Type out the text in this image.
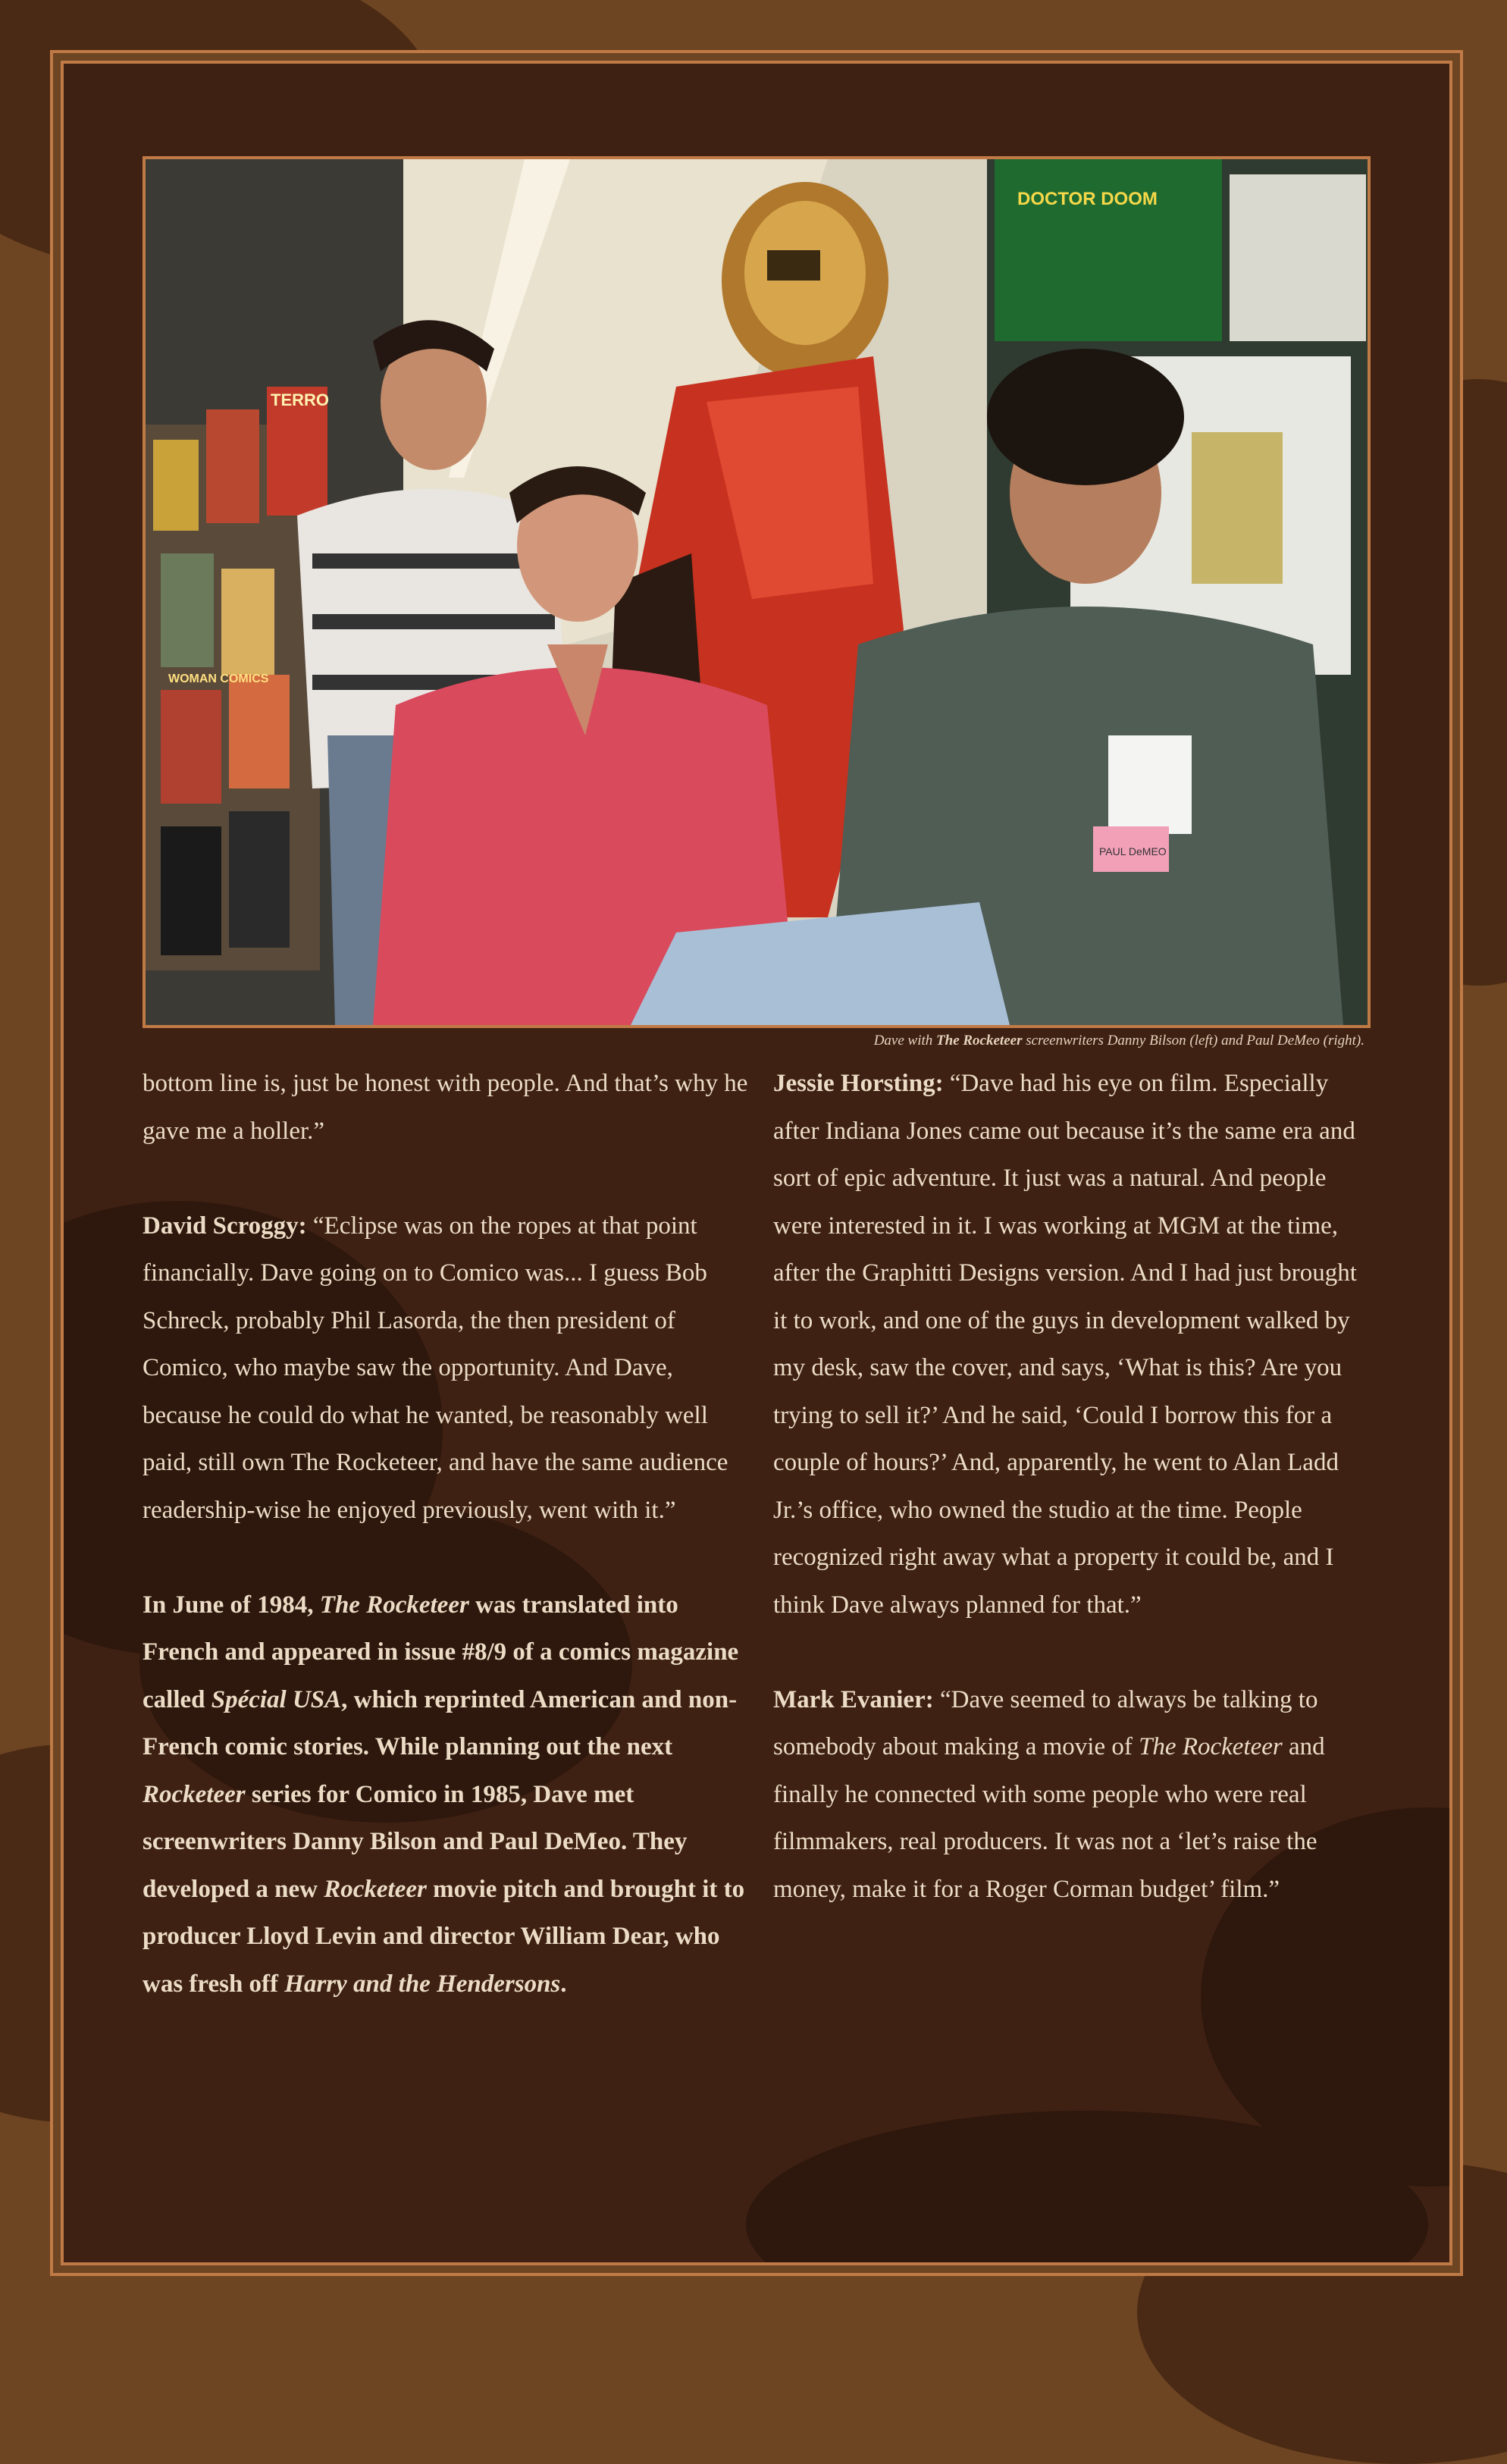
TERRO
WOMAN COMICS
DOCTOR DOOM
PAUL DeMEO
Dave with The Rocketeer screenwriters Danny Bilson (left) and Paul DeMeo (right).

bottom line is, just be honest with people. And that’s why he gave me a holler.”

David Scroggy: “Eclipse was on the ropes at that point financially. Dave going on to Comico was... I guess Bob Schreck, probably Phil Lasorda, the then president of Comico, who maybe saw the opportunity. And Dave, because he could do what he wanted, be reasonably well paid, still own The Rocketeer, and have the same audience readership-wise he enjoyed previously, went with it.”

In June of 1984, The Rocketeer was translated into French and appeared in issue #8/9 of a comics magazine called Spécial USA, which reprinted American and non-French comic stories. While planning out the next Rocketeer series for Comico in 1985, Dave met screenwriters Danny Bilson and Paul DeMeo. They developed a new Rocketeer movie pitch and brought it to producer Lloyd Levin and director William Dear, who was fresh off Harry and the Hendersons.

Jessie Horsting: “Dave had his eye on film. Especially after Indiana Jones came out because it’s the same era and sort of epic adventure. It just was a natural. And people were interested in it. I was working at MGM at the time, after the Graphitti Designs version. And I had just brought it to work, and one of the guys in development walked by my desk, saw the cover, and says, ‘What is this? Are you trying to sell it?’ And he said, ‘Could I borrow this for a couple of hours?’ And, apparently, he went to Alan Ladd Jr.’s office, who owned the studio at the time. People recognized right away what a property it could be, and I think Dave always planned for that.”

Mark Evanier: “Dave seemed to always be talking to somebody about making a movie of The Rocketeer and finally he connected with some people who were real filmmakers, real producers. It was not a ‘let’s raise the money, make it for a Roger Corman budget’ film.”
